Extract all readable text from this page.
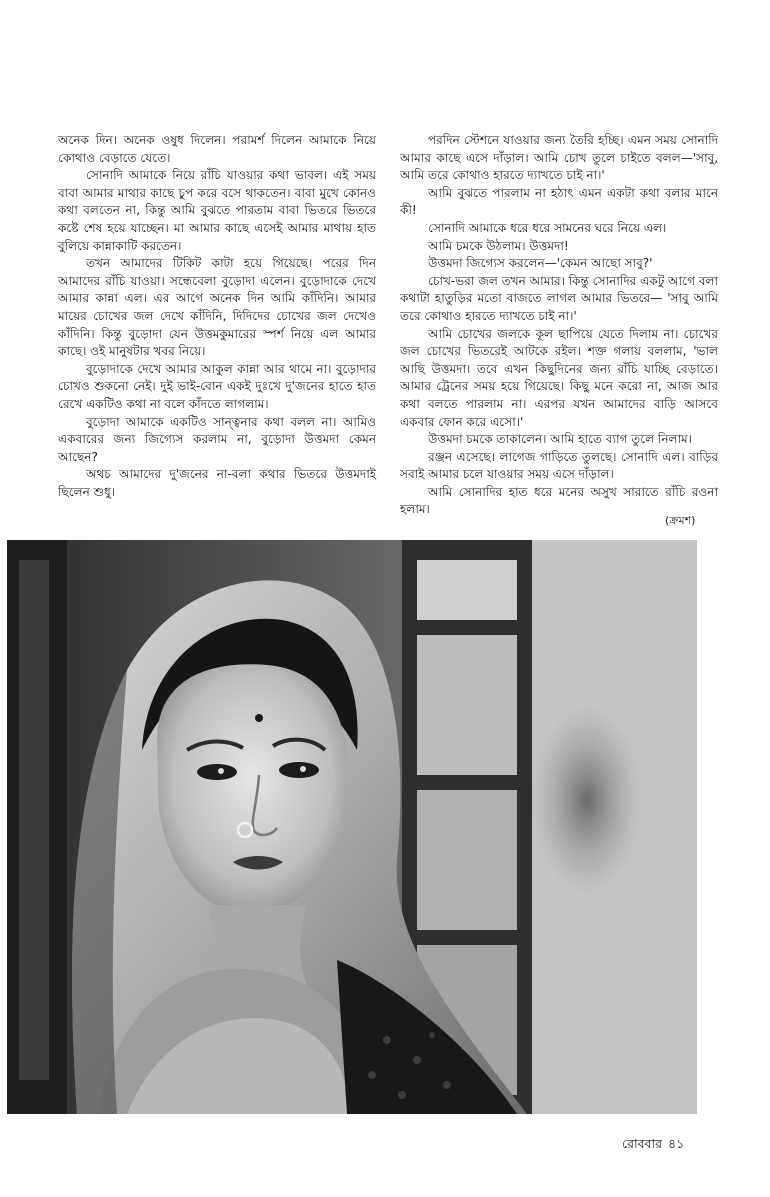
অনেক দিন। অনেক ওষুধ দিলেন। পরামর্শ দিলেন আমাকে নিয়ে কোথাও বেড়াতে যেতে।

সোনাদি আমাকে নিয়ে রাঁচি যাওয়ার কথা ভাবল। এই সময় বাবা আমার মাথার কাছে চুপ করে বসে থাকতেন। বাবা মুখে কোনও কথা বলতেন না, কিন্তু আমি বুঝতে পারতাম বাবা ভিতরে ভিতরে কষ্টে শেষ হয়ে যাচ্ছেন। মা আমার কাছে এসেই আমার মাথায় হাত বুলিয়ে কান্নাকাটি করতেন।

তখন আমাদের টিকিট কাটা হয়ে গিয়েছে। পরের দিন আমাদের রাঁচি যাওয়া। সন্ধেবেলা বুড়োদা এলেন। বুড়োদাকে দেখে আমার কান্না এল। এর আগে অনেক দিন আমি কাঁদিনি। আমার মায়ের চোখের জল দেখে কাঁদিনি, দিদিদের চোখের জল দেখেও কাঁদিনি। কিন্তু বুড়োদা যেন উত্তমকুমারের স্পর্শ নিয়ে এল আমার কাছে। ওই মানুষটার খবর নিয়ে।

বুড়োদাকে দেখে আমার আকুল কান্না আর থামে না। বুড়োদার চোখও শুকনো নেই। দুই ভাই-বোন একই দুঃখে দু'জনের হাতে হাত রেখে একটিও কথা না বলে কাঁদতে লাগলাম।

বুড়োদা আমাকে একটিও সান্ত্বনার কথা বলল না। আমিও একবারের জন্য জিগ্যেস করলাম না, বুড়োদা উত্তমদা কেমন আছেন?

অথচ আমাদের দু'জনের না-বলা কথার ভিতরে উত্তমদাই ছিলেন শুধু।

পরদিন স্টেশনে যাওয়ার জন্য তৈরি হচ্ছি। এমন সময় সোনাদি আমার কাছে এসে দাঁড়াল। আমি চোখ তুলে চাইতে বলল—'সাবু, আমি তরে কোথাও হারতে দ্যাখতে চাই না।'

আমি বুঝতে পারলাম না হঠাৎ এমন একটা কথা বলার মানে কী!

সোনাদি আমাকে ধরে ধরে সামনের ঘরে নিয়ে এল।

আমি চমকে উঠলাম। উত্তমদা!

উত্তমদা জিগ্যেস করলেন—'কেমন আছো সাবু?'

চোখ-ভরা জল তখন আমার। কিন্তু সোনাদির একটু আগে বলা কথাটা হাতুড়ির মতো বাজতে লাগল আমার ভিতরে— 'সাবু আমি তরে কোথাও হারতে দ্যাখতে চাই না।'

আমি চোখের জলকে কূল ছাপিয়ে যেতে দিলাম না। চোখের জল চোখের ভিতরেই আটকে রইল। শক্ত গলায় বললাম, 'ভাল আছি উত্তমদা। তবে এখন কিছুদিনের জন্য রাঁচি যাচ্ছি বেড়াতে। আমার ট্রেনের সময় হয়ে গিয়েছে। কিছু মনে করো না, আজ আর কথা বলতে পারলাম না। এরপর যখন আমাদের বাড়ি আসবে একবার ফোন করে এসো।'

উত্তমদা চমকে তাকালেন। আমি হাতে ব্যাগ তুলে নিলাম।

রঞ্জন এসেছে। লাগেজ গাড়িতে তুলছে। সোনাদি এল। বাড়ির সবাই আমার চলে যাওয়ার সময় এসে দাঁড়াল।

আমি সোনাদির হাত ধরে মনের অসুখ সারাতে রাঁচি রওনা হলাম।

(ক্রমশ)
রোববার ৪১
